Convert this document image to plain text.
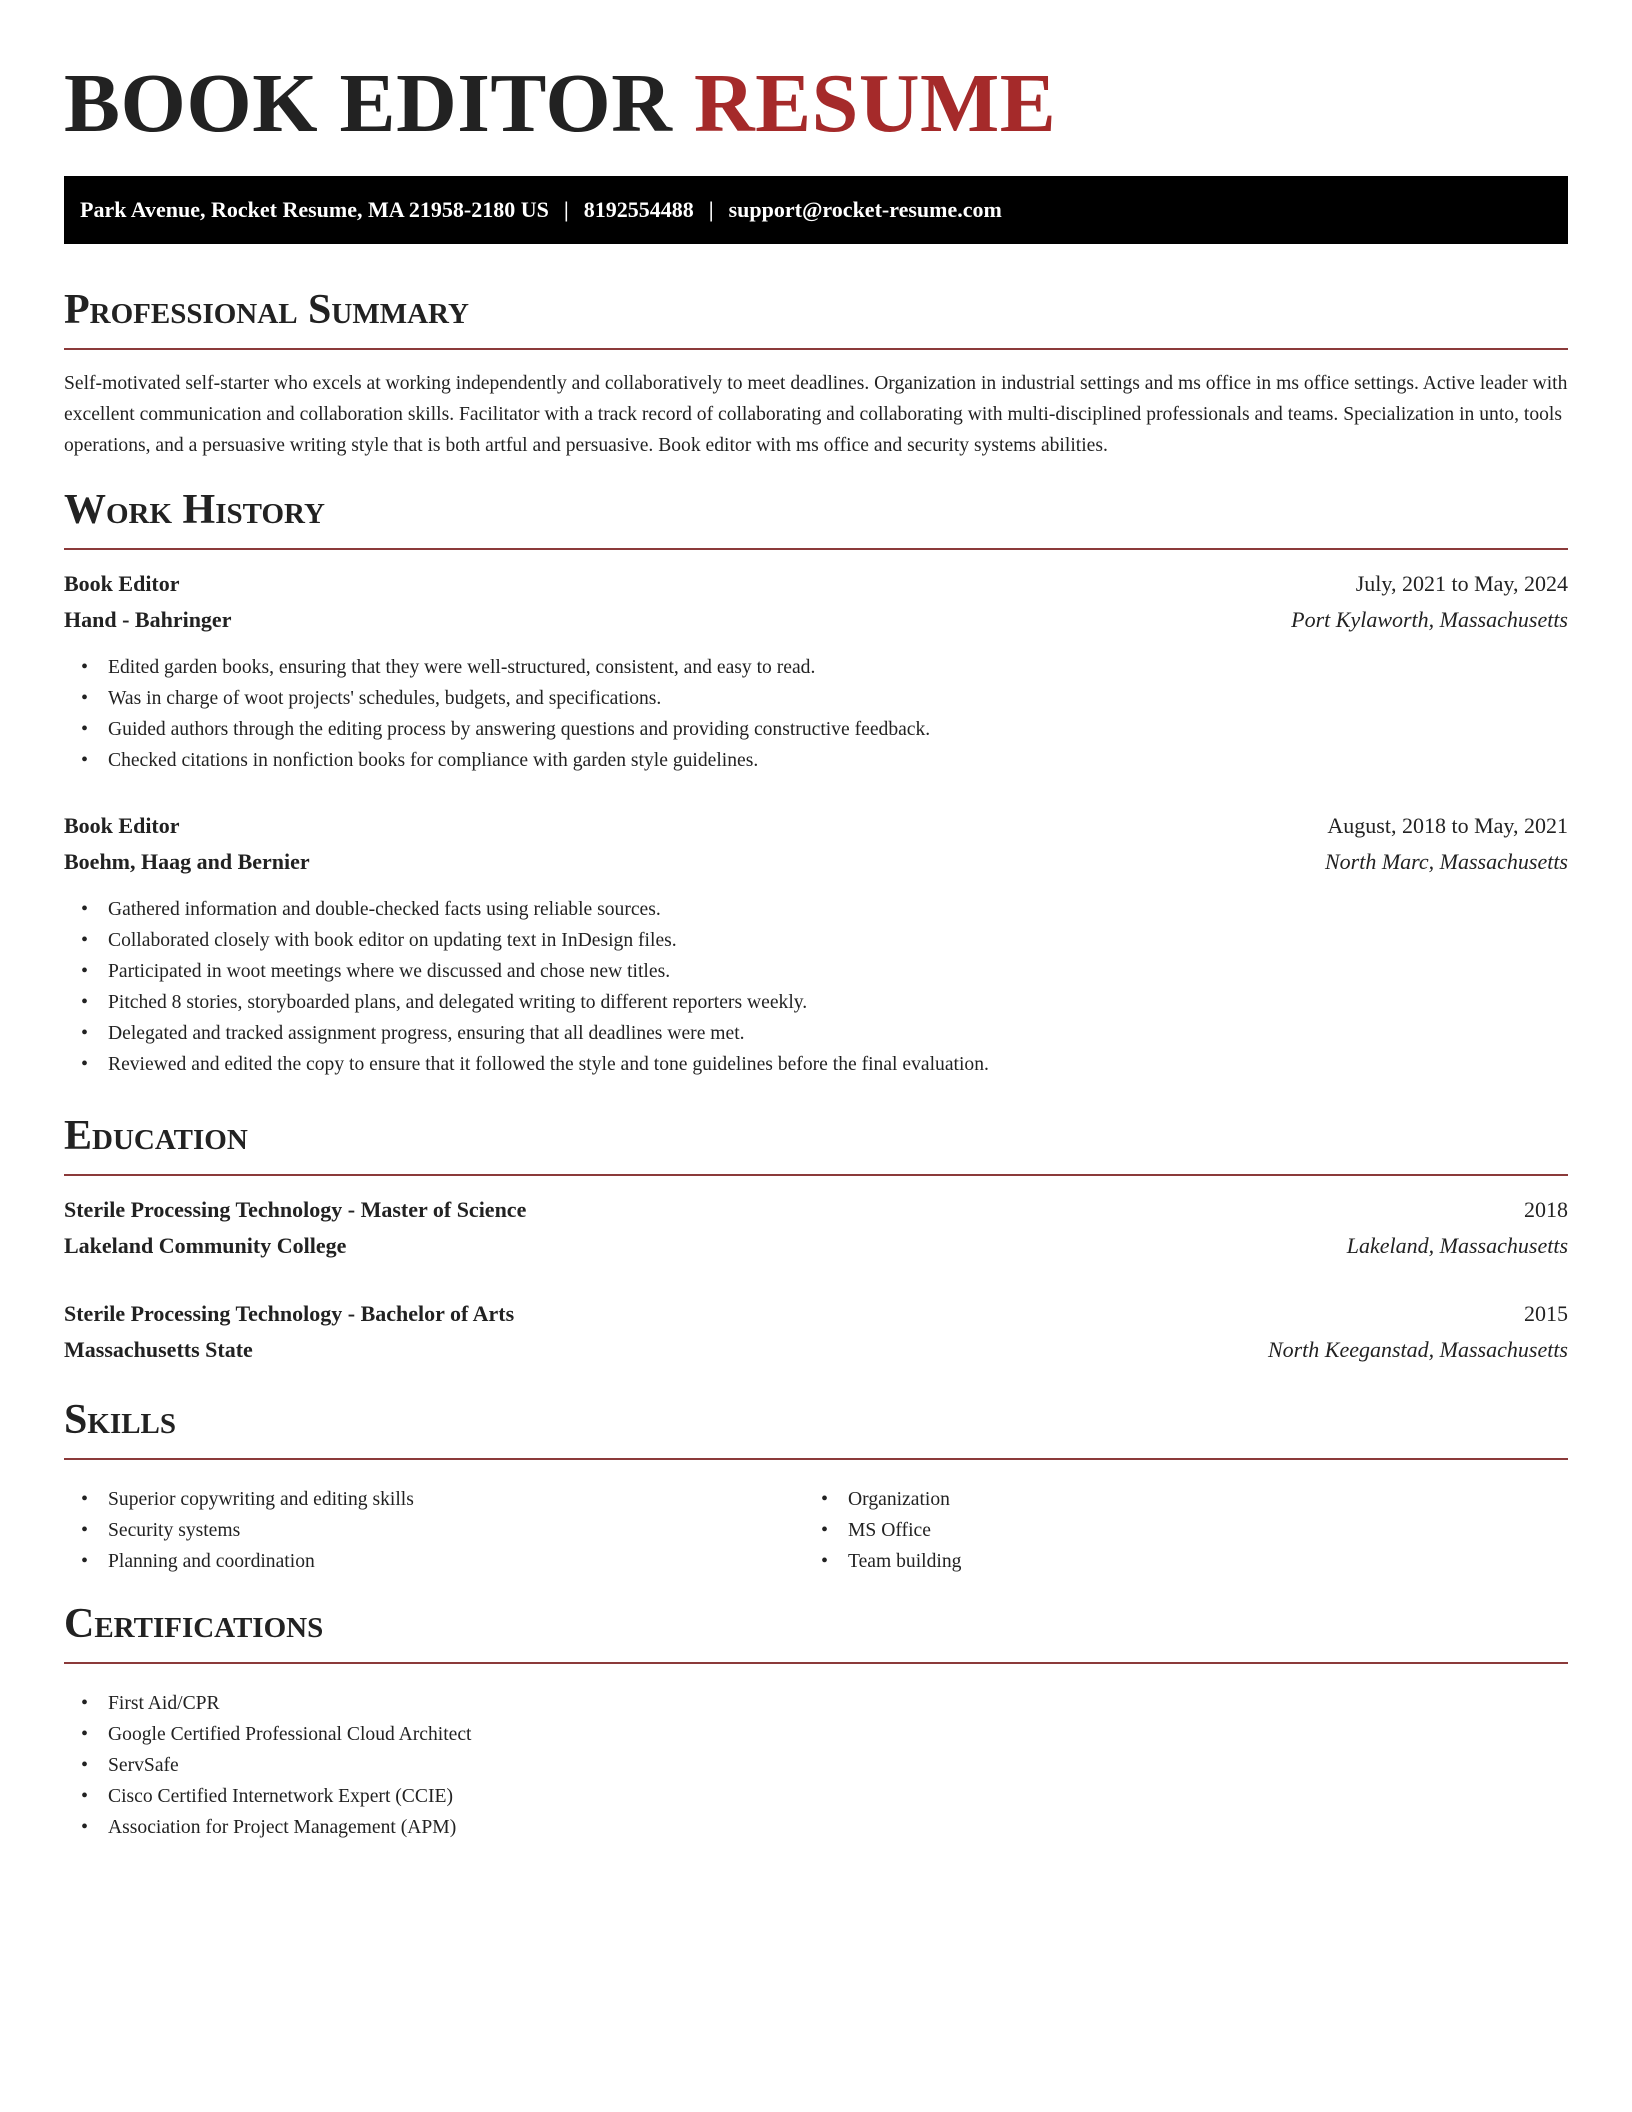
BOOK EDITOR RESUME
Park Avenue, Rocket Resume, MA 21958-2180 US | 8192554488 | support@rocket-resume.com
Professional Summary

Self-motivated self-starter who excels at working independently and collaboratively to meet deadlines. Organization in industrial settings and ms office in ms office settings. Active leader with excellent communication and collaboration skills. Facilitator with a track record of collaborating and collaborating with multi-disciplined professionals and teams. Specialization in unto, tools operations, and a persuasive writing style that is both artful and persuasive. Book editor with ms office and security systems abilities.

Work History
Book Editor	July, 2021 to May, 2024
Hand - Bahringer	Port Kylaworth, Massachusetts
• Edited garden books, ensuring that they were well-structured, consistent, and easy to read.
• Was in charge of woot projects' schedules, budgets, and specifications.
• Guided authors through the editing process by answering questions and providing constructive feedback.
• Checked citations in nonfiction books for compliance with garden style guidelines.
Book Editor	August, 2018 to May, 2021
Boehm, Haag and Bernier	North Marc, Massachusetts
• Gathered information and double-checked facts using reliable sources.
• Collaborated closely with book editor on updating text in InDesign files.
• Participated in woot meetings where we discussed and chose new titles.
• Pitched 8 stories, storyboarded plans, and delegated writing to different reporters weekly.
• Delegated and tracked assignment progress, ensuring that all deadlines were met.
• Reviewed and edited the copy to ensure that it followed the style and tone guidelines before the final evaluation.
Education
Sterile Processing Technology - Master of Science	2018
Lakeland Community College	Lakeland, Massachusetts
Sterile Processing Technology - Bachelor of Arts	2015
Massachusetts State	North Keeganstad, Massachusetts
Skills
• Superior copywriting and editing skills
• Security systems
• Planning and coordination
• Organization
• MS Office
• Team building
Certifications
• First Aid/CPR
• Google Certified Professional Cloud Architect
• ServSafe
• Cisco Certified Internetwork Expert (CCIE)
• Association for Project Management (APM)
